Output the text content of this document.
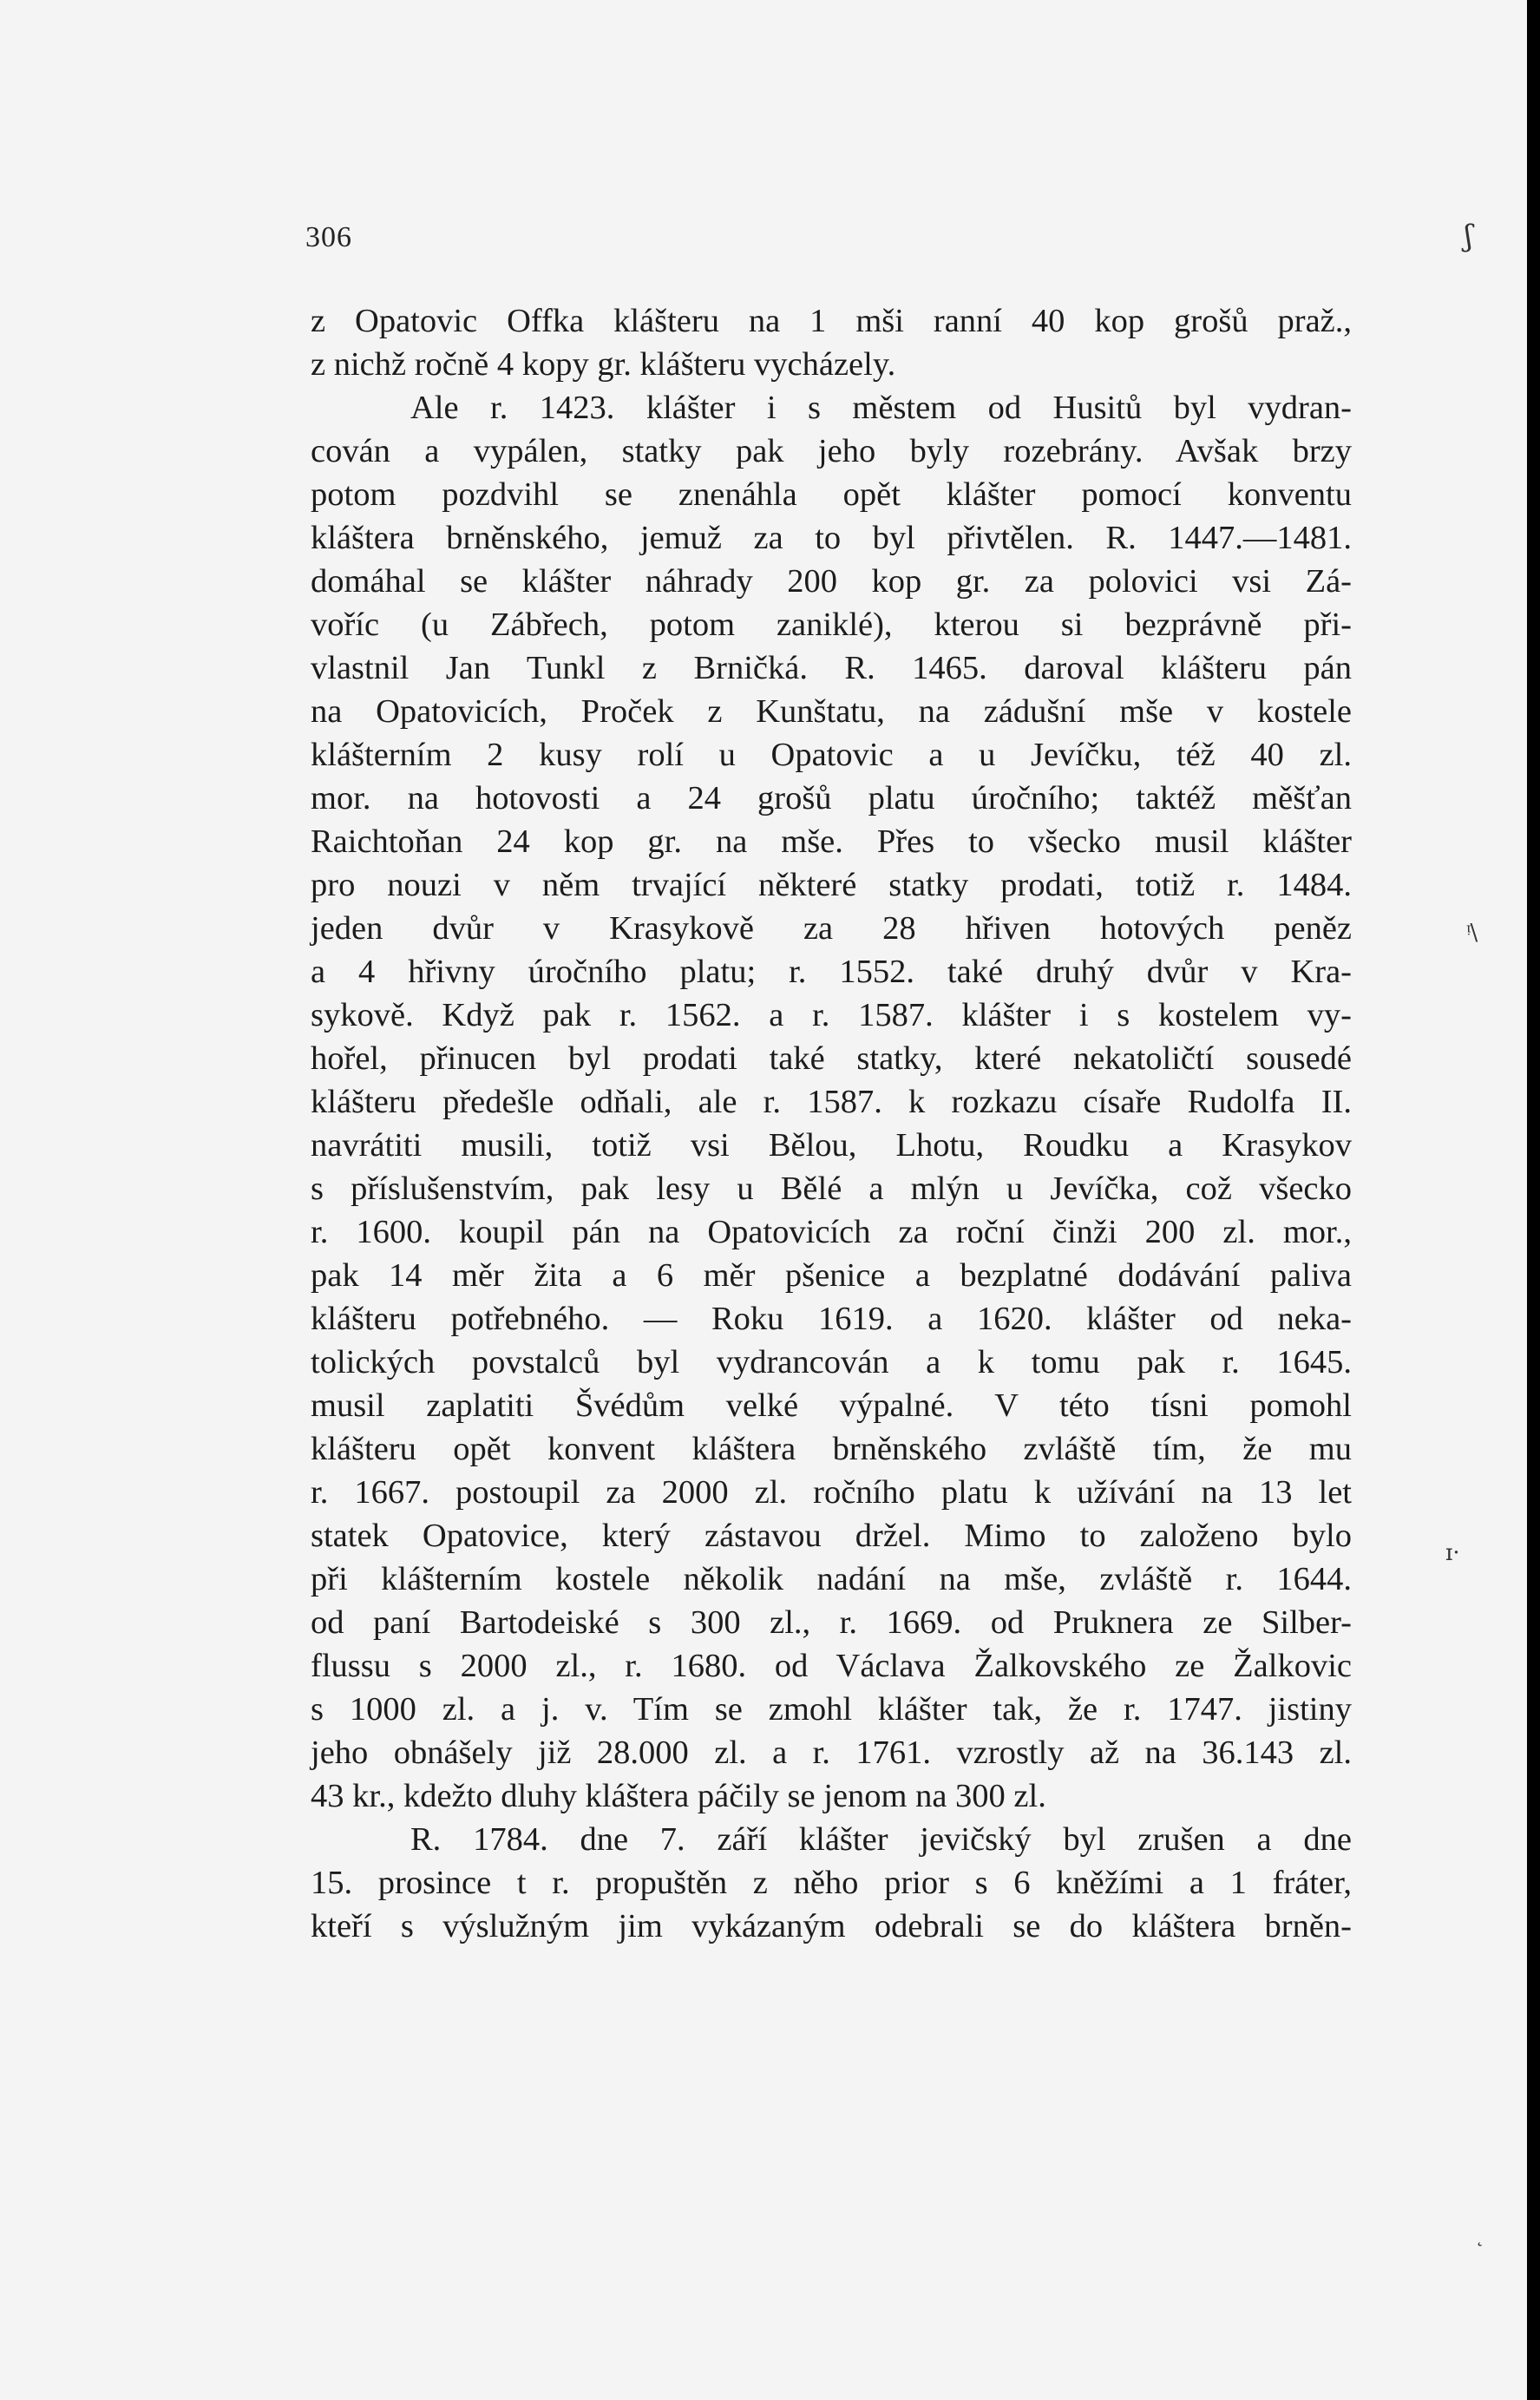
306	ʃ
ᵎ\
ɪ·
˛
z Opatovic Offka klášteru na 1 mši ranní 40 kop grošů praž.,
z nichž ročně 4 kopy gr. klášteru vycházely.
Ale r. 1423. klášter i s městem od Husitů byl vydran-
cován a vypálen, statky pak jeho byly rozebrány. Avšak brzy
potom pozdvihl se znenáhla opět klášter pomocí konventu
kláštera brněnského, jemuž za to byl přivtělen. R. 1447.—1481.
domáhal se klášter náhrady 200 kop gr. za polovici vsi Zá-
voříc (u Zábřech, potom zaniklé), kterou si bezprávně při-
vlastnil Jan Tunkl z Brničká. R. 1465. daroval klášteru pán
na Opatovicích, Proček z Kunštatu, na zádušní mše v kostele
klášterním 2 kusy rolí u Opatovic a u Jevíčku, též 40 zl.
mor. na hotovosti a 24 grošů platu úročního; taktéž měšťan
Raichtoňan 24 kop gr. na mše. Přes to všecko musil klášter
pro nouzi v něm trvající některé statky prodati, totiž r. 1484.
jeden dvůr v Krasykově za 28 hřiven hotových peněz
a 4 hřivny úročního platu; r. 1552. také druhý dvůr v Kra-
sykově. Když pak r. 1562. a r. 1587. klášter i s kostelem vy-
hořel, přinucen byl prodati také statky, které nekatoličtí sousedé
klášteru předešle odňali, ale r. 1587. k rozkazu císaře Rudolfa II.
navrátiti musili, totiž vsi Bělou, Lhotu, Roudku a Krasykov
s příslušenstvím, pak lesy u Bělé a mlýn u Jevíčka, což všecko
r. 1600. koupil pán na Opatovicích za roční činži 200 zl. mor.,
pak 14 měr žita a 6 měr pšenice a bezplatné dodávání paliva
klášteru potřebného. — Roku 1619. a 1620. klášter od neka-
tolických povstalců byl vydrancován a k tomu pak r. 1645.
musil zaplatiti Švédům velké výpalné. V této tísni pomohl
klášteru opět konvent kláštera brněnského zvláště tím, že mu
r. 1667. postoupil za 2000 zl. ročního platu k užívání na 13 let
statek Opatovice, který zástavou držel. Mimo to založeno bylo
při klášterním kostele několik nadání na mše, zvláště r. 1644.
od paní Bartodeiské s 300 zl., r. 1669. od Pruknera ze Silber-
flussu s 2000 zl., r. 1680. od Václava Žalkovského ze Žalkovic
s 1000 zl. a j. v. Tím se zmohl klášter tak, že r. 1747. jistiny
jeho obnášely již 28.000 zl. a r. 1761. vzrostly až na 36.143 zl.
43 kr., kdežto dluhy kláštera páčily se jenom na 300 zl.
R. 1784. dne 7. září klášter jevičský byl zrušen a dne
15. prosince t r. propuštěn z něho prior s 6 kněžími a 1 fráter,
kteří s výslužným jim vykázaným odebrali se do kláštera brněn-
